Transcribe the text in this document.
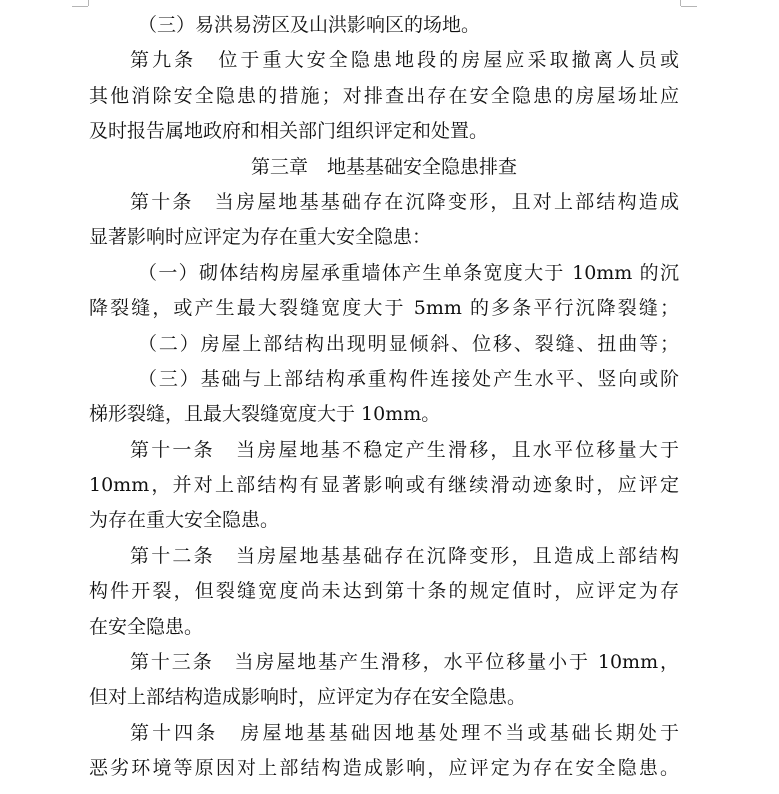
（三）易洪易涝区及山洪影响区的场地。
第九条　位于重大安全隐患地段的房屋应采取撤离人员或
其他消除安全隐患的措施；对排查出存在安全隐患的房屋场址应
及时报告属地政府和相关部门组织评定和处置。
第三章　地基基础安全隐患排查
第十条　当房屋地基基础存在沉降变形，且对上部结构造成
显著影响时应评定为存在重大安全隐患：
（一）砌体结构房屋承重墙体产生单条宽度大于 10mm 的沉
降裂缝，或产生最大裂缝宽度大于 5mm 的多条平行沉降裂缝；
（二）房屋上部结构出现明显倾斜、位移、裂缝、扭曲等；
（三）基础与上部结构承重构件连接处产生水平、竖向或阶
梯形裂缝，且最大裂缝宽度大于 10mm。
第十一条　当房屋地基不稳定产生滑移，且水平位移量大于
10mm，并对上部结构有显著影响或有继续滑动迹象时，应评定
为存在重大安全隐患。
第十二条　当房屋地基基础存在沉降变形，且造成上部结构
构件开裂，但裂缝宽度尚未达到第十条的规定值时，应评定为存
在安全隐患。
第十三条　当房屋地基产生滑移，水平位移量小于 10mm，
但对上部结构造成影响时，应评定为存在安全隐患。
第十四条　房屋地基基础因地基处理不当或基础长期处于
恶劣环境等原因对上部结构造成影响，应评定为存在安全隐患。
